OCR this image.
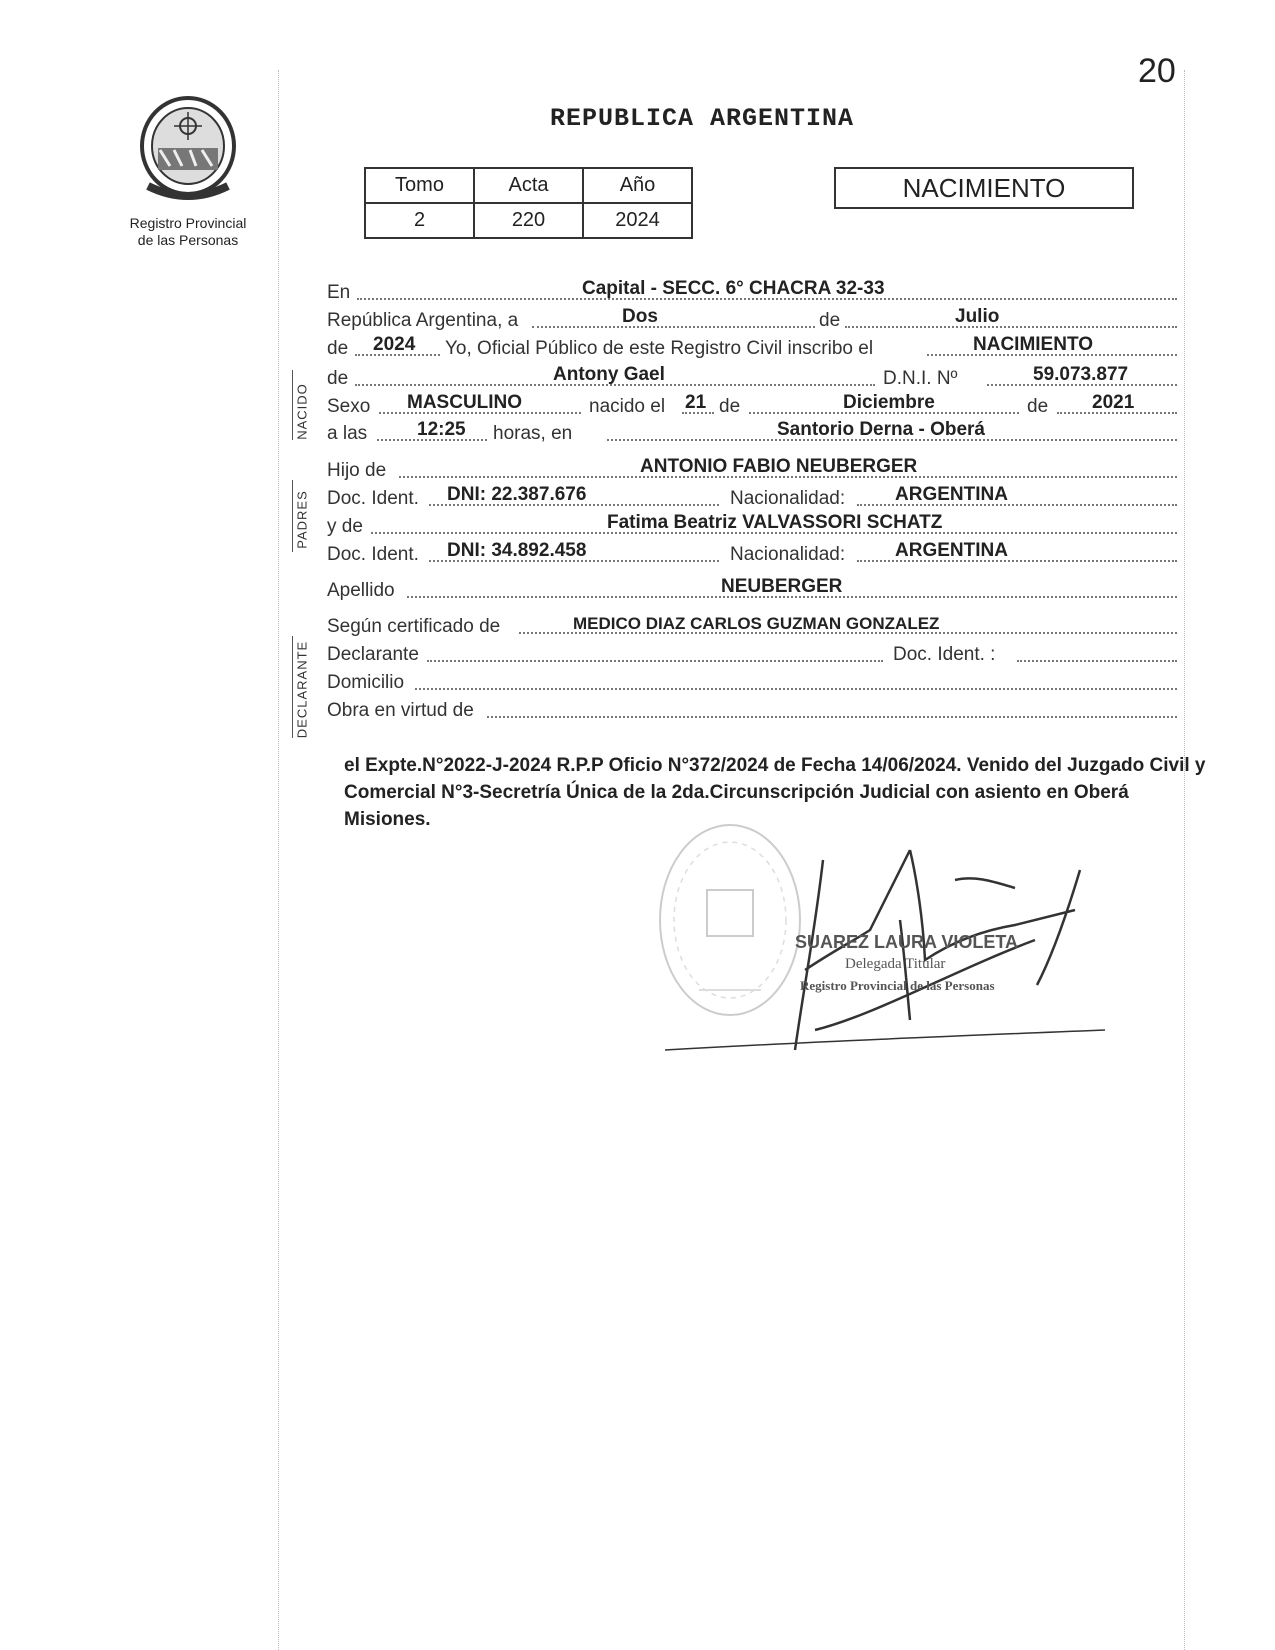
20
REPUBLICA ARGENTINA
Registro Provincial
de las Personas
Tomo	Acta	Año
2	220	2024
NACIMIENTO
NACIDO
PADRES
DECLARANTE
En	Capital - SECC. 6° CHACRA 32-33
República Argentina, a	Dos	de	Julio
de 2024 Yo, Oficial Público de este Registro Civil inscribo el	NACIMIENTO
de	Antony Gael	D.N.I. Nº	59.073.877
Sexo MASCULINO	nacido el 21 de	Diciembre	de 2021
a las	12:25 horas, en	Santorio Derna - Oberá
Hijo de	ANTONIO FABIO NEUBERGER
Doc. Ident. DNI: 22.387.676	Nacionalidad:	ARGENTINA
y de	Fatima Beatriz VALVASSORI SCHATZ
Doc. Ident. DNI: 34.892.458	Nacionalidad:	ARGENTINA
Apellido	NEUBERGER
Según certificado de	MEDICO DIAZ CARLOS GUZMAN GONZALEZ
Declarante	Doc. Ident. :
Domicilio
Obra en virtud de
el Expte.N°2022-J-2024 R.P.P Oficio N°372/2024 de Fecha 14/06/2024. Venido del Juzgado Civil y Comercial N°3-Secretría Única de la 2da.Circunscripción Judicial con asiento en Oberá Misiones.
SUAREZ LAURA VIOLETA
Delegada Titular
Registro Provincial de las Personas
